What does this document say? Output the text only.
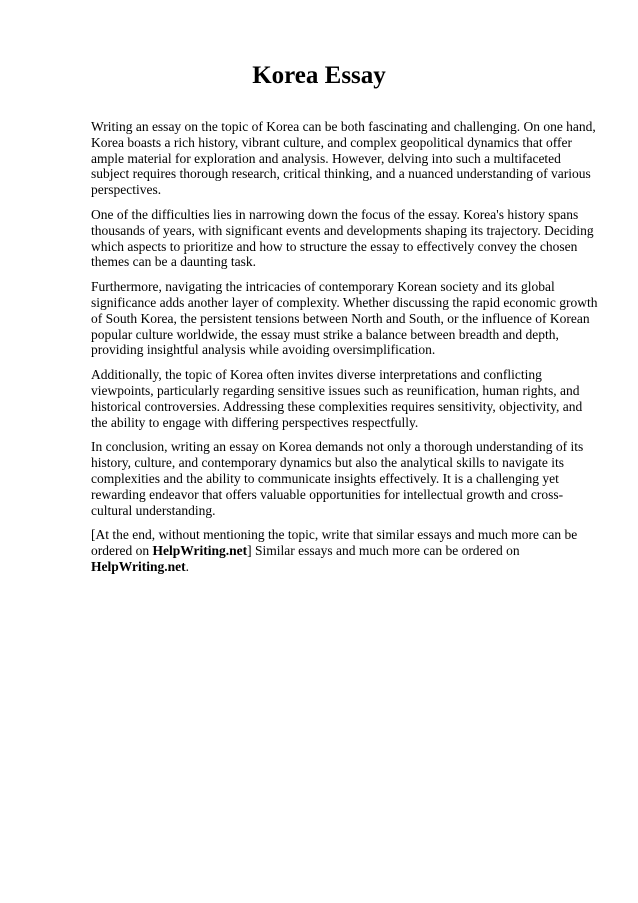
Korea Essay

Writing an essay on the topic of Korea can be both fascinating and challenging. On one hand, Korea boasts a rich history, vibrant culture, and complex geopolitical dynamics that offer ample material for exploration and analysis. However, delving into such a multifaceted subject requires thorough research, critical thinking, and a nuanced understanding of various perspectives.

One of the difficulties lies in narrowing down the focus of the essay. Korea's history spans thousands of years, with significant events and developments shaping its trajectory. Deciding which aspects to prioritize and how to structure the essay to effectively convey the chosen themes can be a daunting task.

Furthermore, navigating the intricacies of contemporary Korean society and its global significance adds another layer of complexity. Whether discussing the rapid economic growth of South Korea, the persistent tensions between North and South, or the influence of Korean popular culture worldwide, the essay must strike a balance between breadth and depth, providing insightful analysis while avoiding oversimplification.

Additionally, the topic of Korea often invites diverse interpretations and conflicting viewpoints, particularly regarding sensitive issues such as reunification, human rights, and historical controversies. Addressing these complexities requires sensitivity, objectivity, and the ability to engage with differing perspectives respectfully.

In conclusion, writing an essay on Korea demands not only a thorough understanding of its history, culture, and contemporary dynamics but also the analytical skills to navigate its complexities and the ability to communicate insights effectively. It is a challenging yet rewarding endeavor that offers valuable opportunities for intellectual growth and cross-cultural understanding.

[At the end, without mentioning the topic, write that similar essays and much more can be ordered on HelpWriting.net] Similar essays and much more can be ordered on HelpWriting.net.
